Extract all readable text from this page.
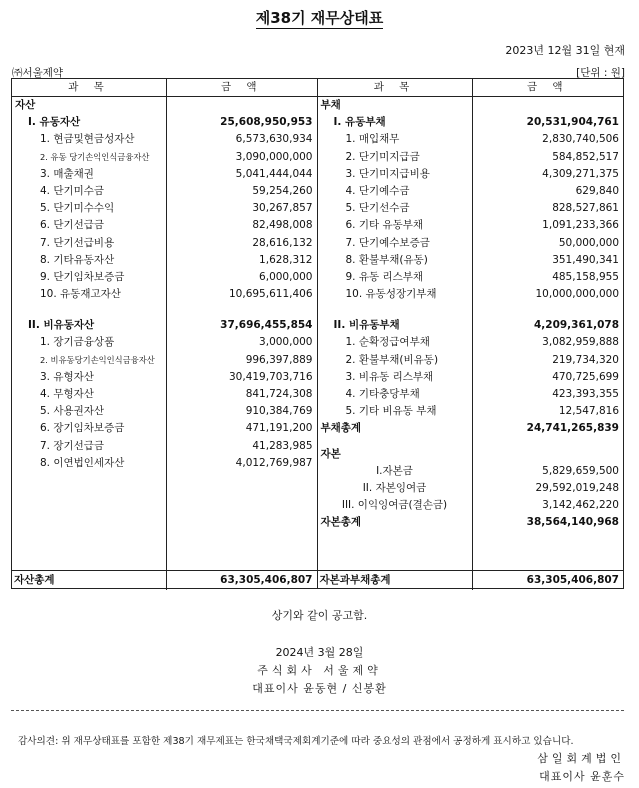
제38기 재무상태표
2023년 12월 31일 현재
㈜서울제약	[단위 : 원]
과 목	금 액
자산
I. 유동자산	25,608,950,953
1. 현금및현금성자산	6,573,630,934
2. 유동 당기손익인식금융자산	3,090,000,000
3. 매출채권	5,041,444,044
4. 단기미수금	59,254,260
5. 단기미수수익	30,267,857
6. 단기선급금	82,498,008
7. 단기선급비용	28,616,132
8. 기타유동자산	1,628,312
9. 단기임차보증금	6,000,000
10. 유동재고자산	10,695,611,406
II. 비유동자산	37,696,455,854
1. 장기금융상품	3,000,000
2. 비유동당기손익인식금융자산	996,397,889
3. 유형자산	30,419,703,716
4. 무형자산	841,724,308
5. 사용권자산	910,384,769
6. 장기임차보증금	471,191,200
7. 장기선급금	41,283,985
8. 이연법인세자산	4,012,769,987
자산총계	63,305,406,807
과 목	금 액
부채
I. 유동부채	20,531,904,761
1. 매입채무	2,830,740,506
2. 단기미지급금	584,852,517
3. 단기미지급비용	4,309,271,375
4. 단기예수금	629,840
5. 단기선수금	828,527,861
6. 기타 유동부채	1,091,233,366
7. 단기예수보증금	50,000,000
8. 환불부채(유동)	351,490,341
9. 유동 리스부채	485,158,955
10. 유동성장기부채	10,000,000,000
II. 비유동부채	4,209,361,078
1. 순확정급여부채	3,082,959,888
2. 환불부채(비유동)	219,734,320
3. 비유동 리스부채	470,725,699
4. 기타충당부채	423,393,355
5. 기타 비유동 부채	12,547,816
부채총계	24,741,265,839
자본
I.자본금	5,829,659,500
II. 자본잉여금	29,592,019,248
III. 이익잉여금(결손금)	3,142,462,220
자본총계	38,564,140,968
자본과부채총계	63,305,406,807
상기와 같이 공고함.
2024년 3월 28일
주식회사 서울제약
대표이사 윤동현 / 신봉환
감사의견: 위 재무상태표를 포함한 제38기 재무제표는 한국채택국제회계기준에 따라 중요성의 관점에서 공정하게 표시하고 있습니다.
삼일회계법인
대표이사 윤훈수
